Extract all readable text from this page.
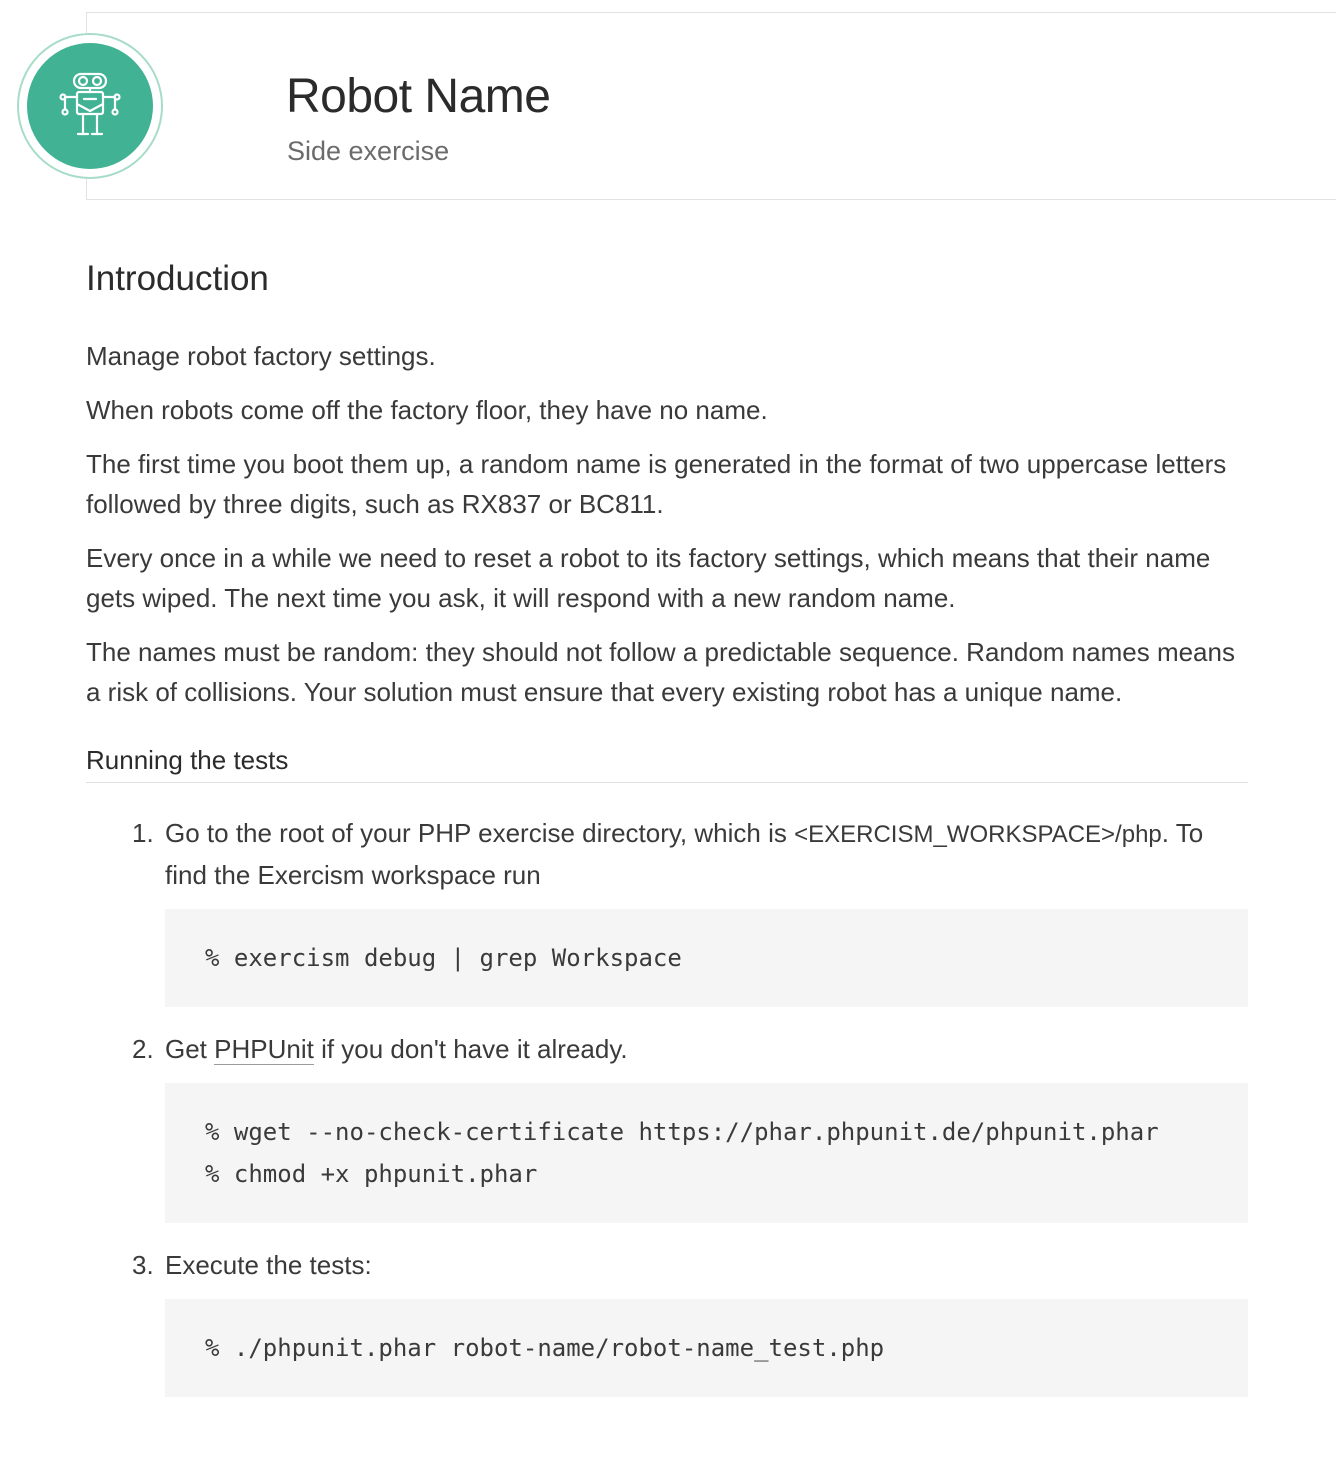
Robot Name

Side exercise

Introduction

Manage robot factory settings.

When robots come off the factory floor, they have no name.

The first time you boot them up, a random name is generated in the format of two uppercase letters followed by three digits, such as RX837 or BC811.

Every once in a while we need to reset a robot to its factory settings, which means that their name gets wiped. The next time you ask, it will respond with a new random name.

The names must be random: they should not follow a predictable sequence. Random names means a risk of collisions. Your solution must ensure that every existing robot has a unique name.

Running the tests
1. Go to the root of your PHP exercise directory, which is <EXERCISM_WORKSPACE>/php. To find the Exercism workspace run
% exercism debug | grep Workspace
2. Get PHPUnit if you don't have it already.
% wget --no-check-certificate https://phar.phpunit.de/phpunit.phar
% chmod +x phpunit.phar
3. Execute the tests:
% ./phpunit.phar robot-name/robot-name_test.php
